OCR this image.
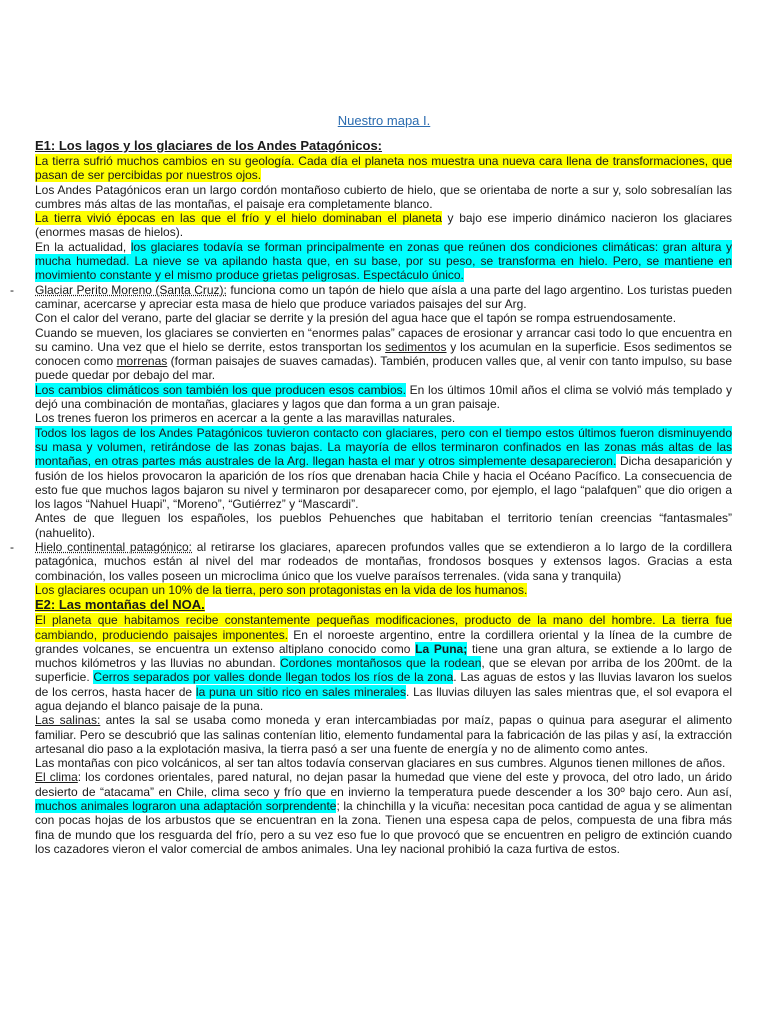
Nuestro mapa I.
E1: Los lagos y los glaciares de los Andes Patagónicos:

La tierra sufrió muchos cambios en su geología. Cada día el planeta nos muestra una nueva cara llena de transformaciones, que pasan de ser percibidas por nuestros ojos.

Los Andes Patagónicos eran un largo cordón montañoso cubierto de hielo, que se orientaba de norte a sur y, solo sobresalían las cumbres más altas de las montañas, el paisaje era completamente blanco.

La tierra vivió épocas en las que el frío y el hielo dominaban el planeta y bajo ese imperio dinámico nacieron los glaciares (enormes masas de hielos).

En la actualidad, los glaciares todavía se forman principalmente en zonas que reúnen dos condiciones climáticas: gran altura y mucha humedad. La nieve se va apilando hasta que, en su base, por su peso, se transforma en hielo. Pero, se mantiene en movimiento constante y el mismo produce grietas peligrosas. Espectáculo único.

- Glaciar Perito Moreno (Santa Cruz): funciona como un tapón de hielo que aísla a una parte del lago argentino. Los turistas pueden caminar, acercarse y apreciar esta masa de hielo que produce variados paisajes del sur Arg.

Con el calor del verano, parte del glaciar se derrite y la presión del agua hace que el tapón se rompa estruendosamente.

Cuando se mueven, los glaciares se convierten en “enormes palas” capaces de erosionar y arrancar casi todo lo que encuentra en su camino. Una vez que el hielo se derrite, estos transportan los sedimentos y los acumulan en la superficie. Esos sedimentos se conocen como morrenas (forman paisajes de suaves camadas). También, producen valles que, al venir con tanto impulso, su base puede quedar por debajo del mar.

Los cambios climáticos son también los que producen esos cambios. En los últimos 10mil años el clima se volvió más templado y dejó una combinación de montañas, glaciares y lagos que dan forma a un gran paisaje.

Los trenes fueron los primeros en acercar a la gente a las maravillas naturales.

Todos los lagos de los Andes Patagónicos tuvieron contacto con glaciares, pero con el tiempo estos últimos fueron disminuyendo su masa y volumen, retirándose de las zonas bajas. La mayoría de ellos terminaron confinados en las zonas más altas de las montañas, en otras partes más australes de la Arg. llegan hasta el mar y otros simplemente desaparecieron. Dicha desaparición y fusión de los hielos provocaron la aparición de los ríos que drenaban hacia Chile y hacia el Océano Pacífico. La consecuencia de esto fue que muchos lagos bajaron su nivel y terminaron por desaparecer como, por ejemplo, el lago “palafquen” que dio origen a los lagos “Nahuel Huapi”, “Moreno”, “Gutiérrez” y “Mascardi”.

Antes de que lleguen los españoles, los pueblos Pehuenches que habitaban el territorio tenían creencias “fantasmales” (nahuelito).

- Hielo continental patagónico: al retirarse los glaciares, aparecen profundos valles que se extendieron a lo largo de la cordillera patagónica, muchos están al nivel del mar rodeados de montañas, frondosos bosques y extensos lagos. Gracias a esta combinación, los valles poseen un microclima único que los vuelve paraísos terrenales. (vida sana y tranquila)

Los glaciares ocupan un 10% de la tierra, pero son protagonistas en la vida de los humanos.

E2: Las montañas del NOA.

El planeta que habitamos recibe constantemente pequeñas modificaciones, producto de la mano del hombre. La tierra fue cambiando, produciendo paisajes imponentes. En el noroeste argentino, entre la cordillera oriental y la línea de la cumbre de grandes volcanes, se encuentra un extenso altiplano conocido como La Puna; tiene una gran altura, se extiende a lo largo de muchos kilómetros y las lluvias no abundan. Cordones montañosos que la rodean, que se elevan por arriba de los 200mt. de la superficie. Cerros separados por valles donde llegan todos los ríos de la zona. Las aguas de estos y las lluvias lavaron los suelos de los cerros, hasta hacer de la puna un sitio rico en sales minerales. Las lluvias diluyen las sales mientras que, el sol evapora el agua dejando el blanco paisaje de la puna.

Las salinas: antes la sal se usaba como moneda y eran intercambiadas por maíz, papas o quinua para asegurar el alimento familiar. Pero se descubrió que las salinas contenían litio, elemento fundamental para la fabricación de las pilas y así, la extracción artesanal dio paso a la explotación masiva, la tierra pasó a ser una fuente de energía y no de alimento como antes.

Las montañas con pico volcánicos, al ser tan altos todavía conservan glaciares en sus cumbres. Algunos tienen millones de años.

El clima: los cordones orientales, pared natural, no dejan pasar la humedad que viene del este y provoca, del otro lado, un árido desierto de “atacama” en Chile, clima seco y frío que en invierno la temperatura puede descender a los 30º bajo cero. Aun así, muchos animales lograron una adaptación sorprendente; la chinchilla y la vicuña: necesitan poca cantidad de agua y se alimentan con pocas hojas de los arbustos que se encuentran en la zona. Tienen una espesa capa de pelos, compuesta de una fibra más fina de mundo que los resguarda del frío, pero a su vez eso fue lo que provocó que se encuentren en peligro de extinción cuando los cazadores vieron el valor comercial de ambos animales. Una ley nacional prohibió la caza furtiva de estos.
